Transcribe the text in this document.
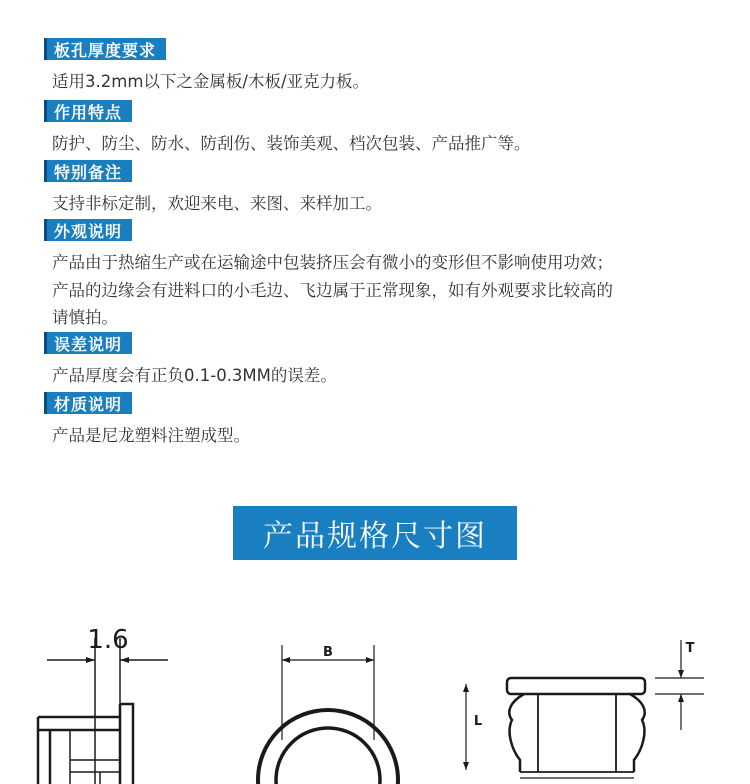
板孔厚度要求
适用3.2mm以下之金属板/木板/亚克力板。
作用特点
防护、防尘、防水、防刮伤、装饰美观、档次包装、产品推广等。
特别备注
支持非标定制，欢迎来电、来图、来样加工。
外观说明
产品由于热缩生产或在运输途中包装挤压会有微小的变形但不影响使用功效；
产品的边缘会有进料口的小毛边、飞边属于正常现象，如有外观要求比较高的
请慎拍。
误差说明
产品厚度会有正负0.1-0.3MM的误差。
材质说明
产品是尼龙塑料注塑成型。
产品规格尺寸图
1.6	B	T
L
